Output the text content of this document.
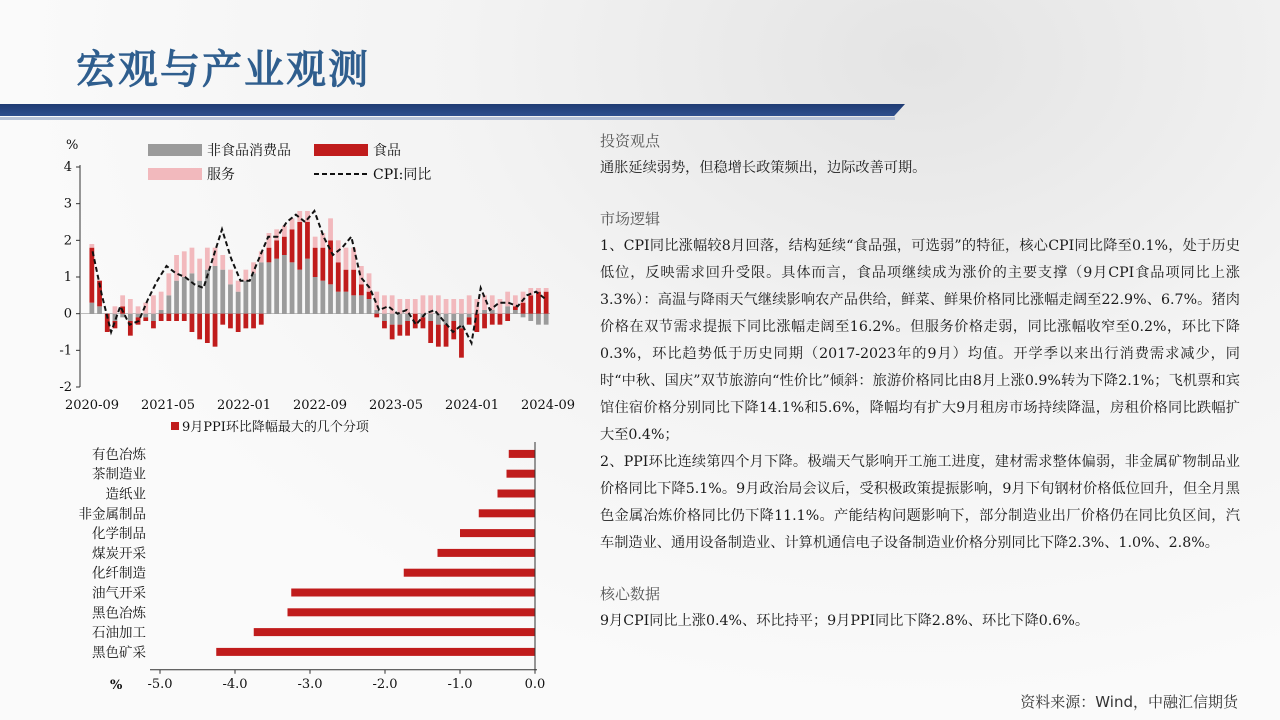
宏观与产业观测
%
4
3
2
1
0
-1
-2
2020-09 2021-05 2022-01 2022-09 2023-05 2024-01 2024-09
非食品消费品	食品
服务	CPI:同比
9月PPI环比降幅最大的几个分项
有色冶炼
茶制造业
造纸业
非金属制品
化学制品
煤炭开采
化纤制造
油气开采
黑色冶炼
石油加工
黑色矿采
-5.0	-4.0	-3.0	-2.0	-1.0	0.0
%

投资观点

通胀延续弱势，但稳增长政策频出，边际改善可期。

市场逻辑

1、CPI同比涨幅较8月回落，结构延续“食品强，可选弱”的特征，核心CPI同比降至0.1%，处于历史低位，反映需求回升受限。具体而言，食品项继续成为涨价的主要支撑（9月CPI食品项同比上涨3.3%）：高温与降雨天气继续影响农产品供给，鲜菜、鲜果价格同比涨幅走阔至22.9%、6.7%。猪肉价格在双节需求提振下同比涨幅走阔至16.2%。但服务价格走弱，同比涨幅收窄至0.2%，环比下降0.3%，环比趋势低于历史同期（2017-2023年的9月）均值。开学季以来出行消费需求减少，同时“中秋、国庆”双节旅游向“性价比”倾斜：旅游价格同比由8月上涨0.9%转为下降2.1%；飞机票和宾馆住宿价格分别同比下降14.1%和5.6%，降幅均有扩大9月租房市场持续降温，房租价格同比跌幅扩大至0.4%；

2、PPI环比连续第四个月下降。极端天气影响开工施工进度，建材需求整体偏弱，非金属矿物制品业价格同比下降5.1%。9月政治局会议后，受积极政策提振影响，9月下旬钢材价格低位回升，但全月黑色金属冶炼价格同比仍下降11.1%。产能结构问题影响下，部分制造业出厂价格仍在同比负区间，汽车制造业、通用设备制造业、计算机通信电子设备制造业价格分别同比下降2.3%、1.0%、2.8%。

核心数据

9月CPI同比上涨0.4%、环比持平；9月PPI同比下降2.8%、环比下降0.6%。

资料来源：Wind，中融汇信期货
